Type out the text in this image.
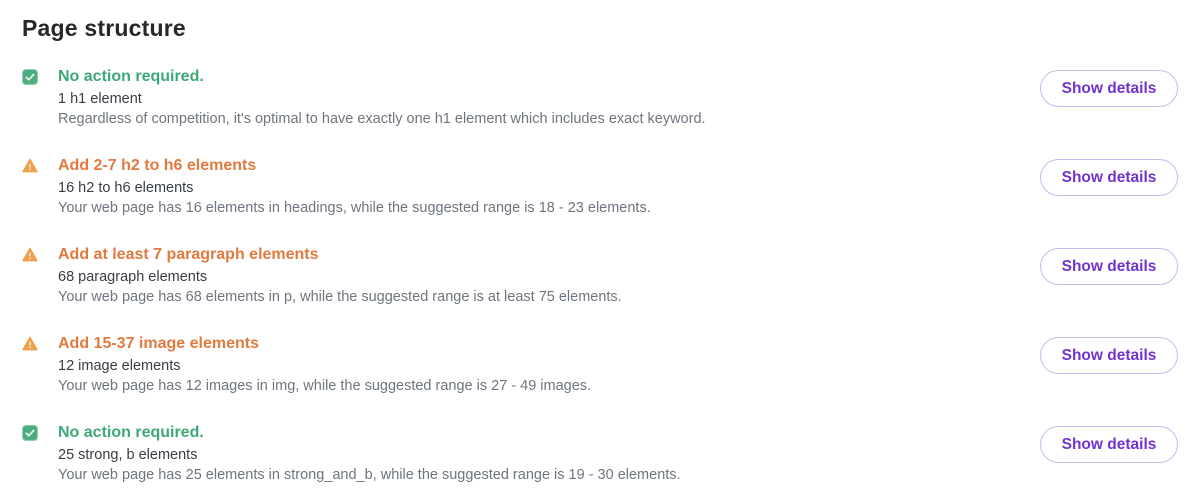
Page structure
No action required.
1 h1 element
Regardless of competition, it's optimal to have exactly one h1 element which includes exact keyword.
Show details
Add 2-7 h2 to h6 elements
16 h2 to h6 elements
Your web page has 16 elements in headings, while the suggested range is 18 - 23 elements.
Show details
Add at least 7 paragraph elements
68 paragraph elements
Your web page has 68 elements in p, while the suggested range is at least 75 elements.
Show details
Add 15-37 image elements
12 image elements
Your web page has 12 images in img, while the suggested range is 27 - 49 images.
Show details
No action required.
25 strong, b elements
Your web page has 25 elements in strong_and_b, while the suggested range is 19 - 30 elements.
Show details
